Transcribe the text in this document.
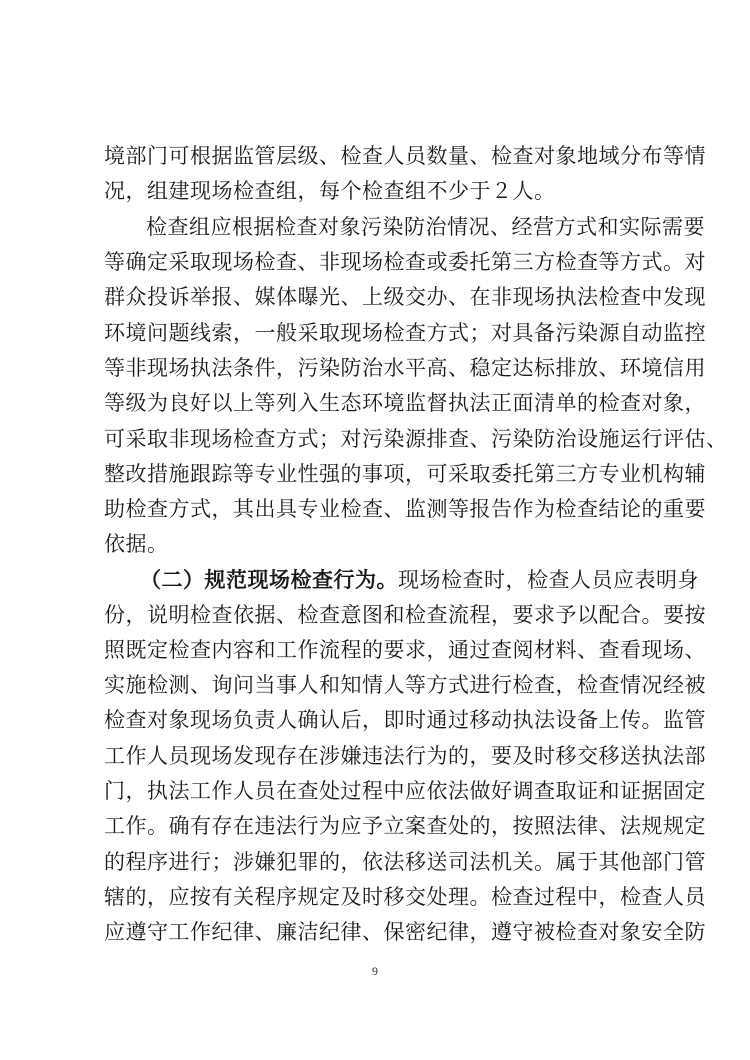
境部门可根据监管层级、检查人员数量、检查对象地域分布等情
况，组建现场检查组，每个检查组不少于２人。
检查组应根据检查对象污染防治情况、经营方式和实际需要
等确定采取现场检查、非现场检查或委托第三方检查等方式。对
群众投诉举报、媒体曝光、上级交办、在非现场执法检查中发现
环境问题线索，一般采取现场检查方式；对具备污染源自动监控
等非现场执法条件，污染防治水平高、稳定达标排放、环境信用
等级为良好以上等列入生态环境监督执法正面清单的检查对象，
可采取非现场检查方式；对污染源排查、污染防治设施运行评估、
整改措施跟踪等专业性强的事项，可采取委托第三方专业机构辅
助检查方式，其出具专业检查、监测等报告作为检查结论的重要
依据。
（二）规范现场检查行为。现场检查时，检查人员应表明身
份，说明检查依据、检查意图和检查流程，要求予以配合。要按
照既定检查内容和工作流程的要求，通过查阅材料、查看现场、
实施检测、询问当事人和知情人等方式进行检查，检查情况经被
检查对象现场负责人确认后，即时通过移动执法设备上传。监管
工作人员现场发现存在涉嫌违法行为的，要及时移交移送执法部
门，执法工作人员在查处过程中应依法做好调查取证和证据固定
工作。确有存在违法行为应予立案查处的，按照法律、法规规定
的程序进行；涉嫌犯罪的，依法移送司法机关。属于其他部门管
辖的，应按有关程序规定及时移交处理。检查过程中，检查人员
应遵守工作纪律、廉洁纪律、保密纪律，遵守被检查对象安全防
9
